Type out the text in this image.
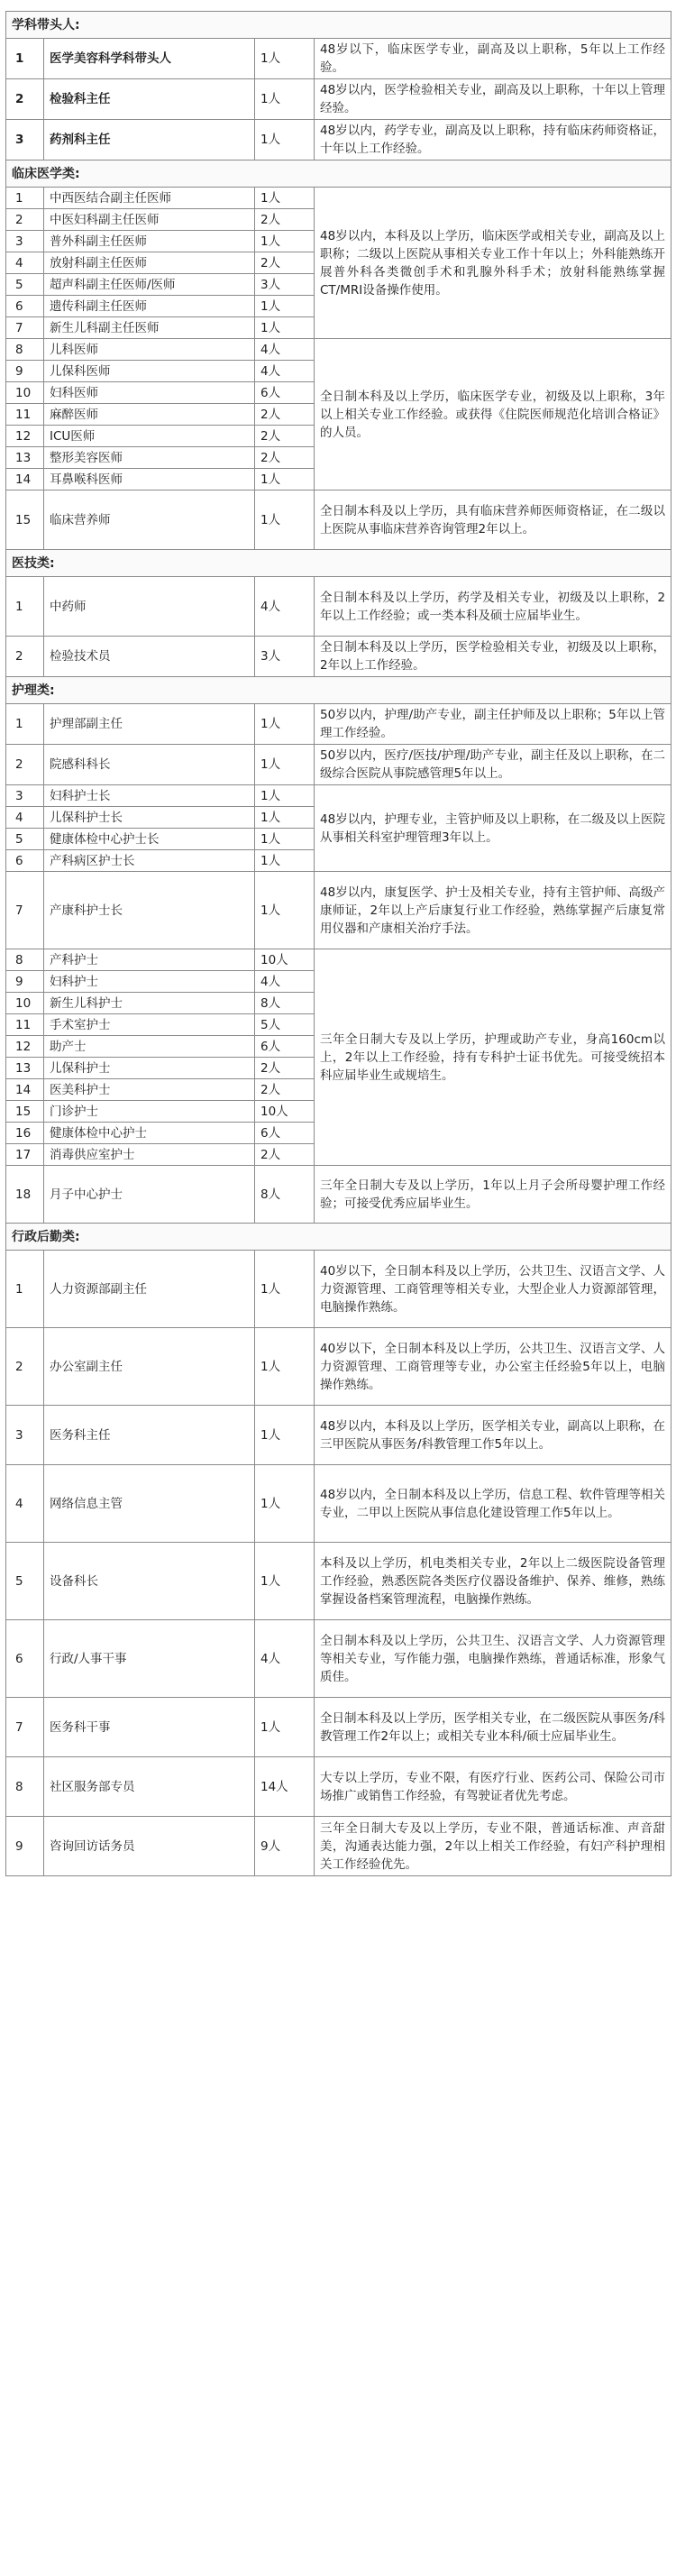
学科带头人:			
1	医学美容科学科带头人	1人	48岁以下，临床医学专业，副高及以上职称，5年以上工作经验。
2	检验科主任	1人	48岁以内，医学检验相关专业，副高及以上职称，十年以上管理经验。
3	药剂科主任	1人	48岁以内，药学专业，副高及以上职称，持有临床药师资格证，十年以上工作经验。
临床医学类:			
1	中西医结合副主任医师	1人	48岁以内，本科及以上学历，临床医学或相关专业，副高及以上职称；二级以上医院从事相关专业工作十年以上；外科能熟练开展普外科各类微创手术和乳腺外科手术；放射科能熟练掌握CT/MRI设备操作使用。
2	中医妇科副主任医师	2人	
3	普外科副主任医师	1人	
4	放射科副主任医师	2人	
5	超声科副主任医师/医师	3人	
6	遗传科副主任医师	1人	
7	新生儿科副主任医师	1人	
8	儿科医师	4人	全日制本科及以上学历，临床医学专业，初级及以上职称，3年以上相关专业工作经验。或获得《住院医师规范化培训合格证》的人员。
9	儿保科医师	4人	
10	妇科医师	6人	
11	麻醉医师	2人	
12	ICU医师	2人	
13	整形美容医师	2人	
14	耳鼻喉科医师	1人	
15	临床营养师	1人	全日制本科及以上学历，具有临床营养师医师资格证，在二级以上医院从事临床营养咨询管理2年以上。
医技类:			
1	中药师	4人	全日制本科及以上学历，药学及相关专业，初级及以上职称，2年以上工作经验；或一类本科及硕士应届毕业生。
2	检验技术员	3人	全日制本科及以上学历，医学检验相关专业，初级及以上职称，2年以上工作经验。
护理类:			
1	护理部副主任	1人	50岁以内，护理/助产专业，副主任护师及以上职称；5年以上管理工作经验。
2	院感科科长	1人	50岁以内，医疗/医技/护理/助产专业，副主任及以上职称，在二级综合医院从事院感管理5年以上。
3	妇科护士长	1人	48岁以内，护理专业，主管护师及以上职称，在二级及以上医院从事相关科室护理管理3年以上。
4	儿保科护士长	1人	
5	健康体检中心护士长	1人	
6	产科病区护士长	1人	
7	产康科护士长	1人	48岁以内，康复医学、护士及相关专业，持有主管护师、高级产康师证，2年以上产后康复行业工作经验，熟练掌握产后康复常用仪器和产康相关治疗手法。
8	产科护士	10人	三年全日制大专及以上学历，护理或助产专业，身高160cm以上，2年以上工作经验，持有专科护士证书优先。可接受统招本科应届毕业生或规培生。
9	妇科护士	4人	
10	新生儿科护士	8人	
11	手术室护士	5人	
12	助产士	6人	
13	儿保科护士	2人	
14	医美科护士	2人	
15	门诊护士	10人	
16	健康体检中心护士	6人	
17	消毒供应室护士	2人	
18	月子中心护士	8人	三年全日制大专及以上学历，1年以上月子会所母婴护理工作经验；可接受优秀应届毕业生。
行政后勤类:			
1	人力资源部副主任	1人	40岁以下，全日制本科及以上学历，公共卫生、汉语言文学、人力资源管理、工商管理等相关专业，大型企业人力资源部管理，电脑操作熟练。
2	办公室副主任	1人	40岁以下，全日制本科及以上学历，公共卫生、汉语言文学、人力资源管理、工商管理等专业，办公室主任经验5年以上，电脑操作熟练。
3	医务科主任	1人	48岁以内，本科及以上学历，医学相关专业，副高以上职称，在三甲医院从事医务/科教管理工作5年以上。
4	网络信息主管	1人	48岁以内，全日制本科及以上学历，信息工程、软件管理等相关专业，二甲以上医院从事信息化建设管理工作5年以上。
5	设备科长	1人	本科及以上学历，机电类相关专业，2年以上二级医院设备管理工作经验，熟悉医院各类医疗仪器设备维护、保养、维修，熟练掌握设备档案管理流程，电脑操作熟练。
6	行政/人事干事	4人	全日制本科及以上学历，公共卫生、汉语言文学、人力资源管理等相关专业，写作能力强，电脑操作熟练，普通话标准，形象气质佳。
7	医务科干事	1人	全日制本科及以上学历，医学相关专业，在二级医院从事医务/科教管理工作2年以上；或相关专业本科/硕士应届毕业生。
8	社区服务部专员	14人	大专以上学历，专业不限，有医疗行业、医药公司、保险公司市场推广或销售工作经验，有驾驶证者优先考虑。
9	咨询回访话务员	9人	三年全日制大专及以上学历，专业不限，普通话标准、声音甜美，沟通表达能力强，2年以上相关工作经验，有妇产科护理相关工作经验优先。
